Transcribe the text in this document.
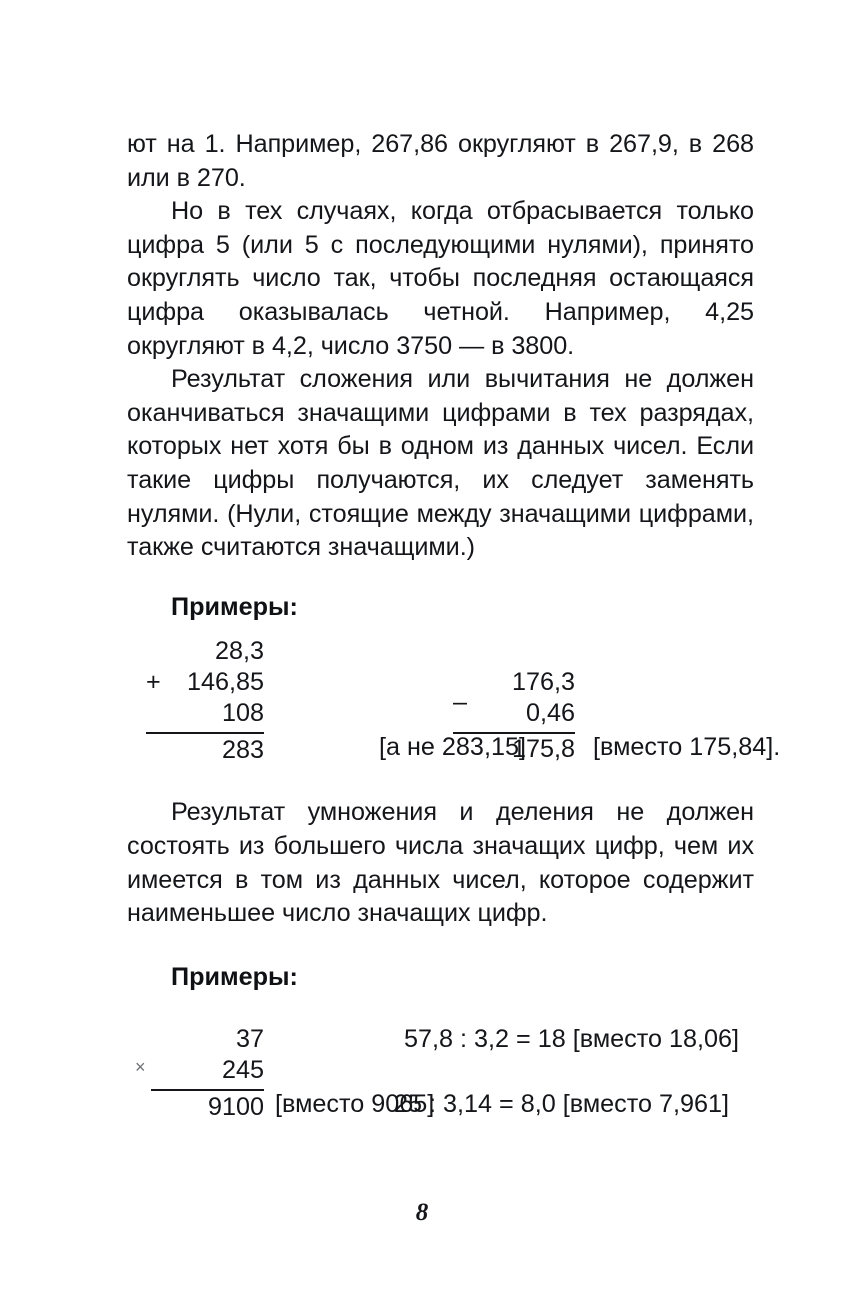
ют на 1. Например, 267,86 округляют в 267,9, в 268 или в 270.

Но в тех случаях, когда отбрасывается только цифра 5 (или 5 с последующими нулями), принято округлять число так, чтобы последняя остающаяся цифра оказывалась четной. Например, 4,25 округляют в 4,2, число 3750 — в 3800.

Результат сложения или вычитания не должен оканчиваться значащими цифрами в тех разрядах, которых нет хотя бы в одном из данных чисел. Если такие цифры получаются, их следует заменять нулями. (Нули, стоящие между значащими цифрами, также считаются значащими.)

Примеры:
+
28,3
146,85
108
283	[а не 283,15]
–
176,3
0,46
175,8 [вместо 175,84].

Результат умножения и деления не должен состоять из большего числа значащих цифр, чем их имеется в том из данных чисел, которое содержит наименьшее число значащих цифр.

Примеры:
×
37
245
9100 [вместо 9065]
57,8 : 3,2 = 18 [вместо 18,06]
25 : 3,14 = 8,0 [вместо 7,961]
8
